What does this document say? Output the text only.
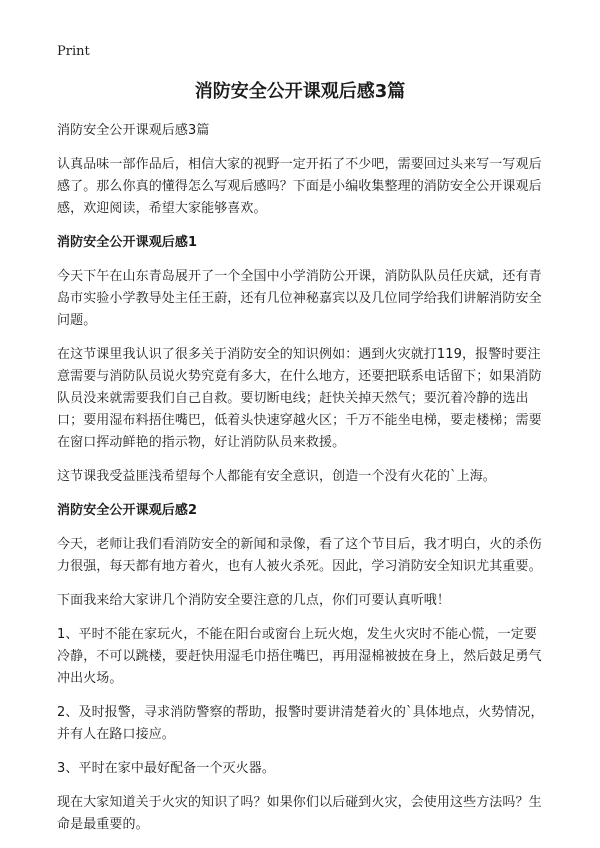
Print
消防安全公开课观后感3篇

消防安全公开课观后感3篇

认真品味一部作品后，相信大家的视野一定开拓了不少吧，需要回过头来写一写观后感了。那么你真的懂得怎么写观后感吗？下面是小编收集整理的消防安全公开课观后感，欢迎阅读，希望大家能够喜欢。

消防安全公开课观后感1

今天下午在山东青岛展开了一个全国中小学消防公开课，消防队队员任庆斌，还有青岛市实验小学教导处主任王蔚，还有几位神秘嘉宾以及几位同学给我们讲解消防安全问题。

在这节课里我认识了很多关于消防安全的知识例如：遇到火灾就打119，报警时要注意需要与消防队员说火势究竟有多大，在什么地方，还要把联系电话留下；如果消防队员没来就需要我们自己自救。要切断电线；赶快关掉天然气；要沉着冷静的选出口；要用湿布料捂住嘴巴，低着头快速穿越火区；千万不能坐电梯，要走楼梯；需要在窗口挥动鲜艳的指示物，好让消防队员来救援。

这节课我受益匪浅希望每个人都能有安全意识，创造一个没有火花的`上海。

消防安全公开课观后感2

今天，老师让我们看消防安全的新闻和录像，看了这个节目后，我才明白，火的杀伤力很强，每天都有地方着火，也有人被火杀死。因此，学习消防安全知识尤其重要。

下面我来给大家讲几个消防安全要注意的几点，你们可要认真听哦！

1、平时不能在家玩火，不能在阳台或窗台上玩火炮，发生火灾时不能心慌，一定要冷静，不可以跳楼，要赶快用湿毛巾捂住嘴巴，再用湿棉被披在身上，然后鼓足勇气冲出火场。

2、及时报警，寻求消防警察的帮助，报警时要讲清楚着火的`具体地点，火势情况，并有人在路口接应。

3、平时在家中最好配备一个灭火器。

现在大家知道关于火灾的知识了吗？如果你们以后碰到火灾，会使用这些方法吗？生命是最重要的。
